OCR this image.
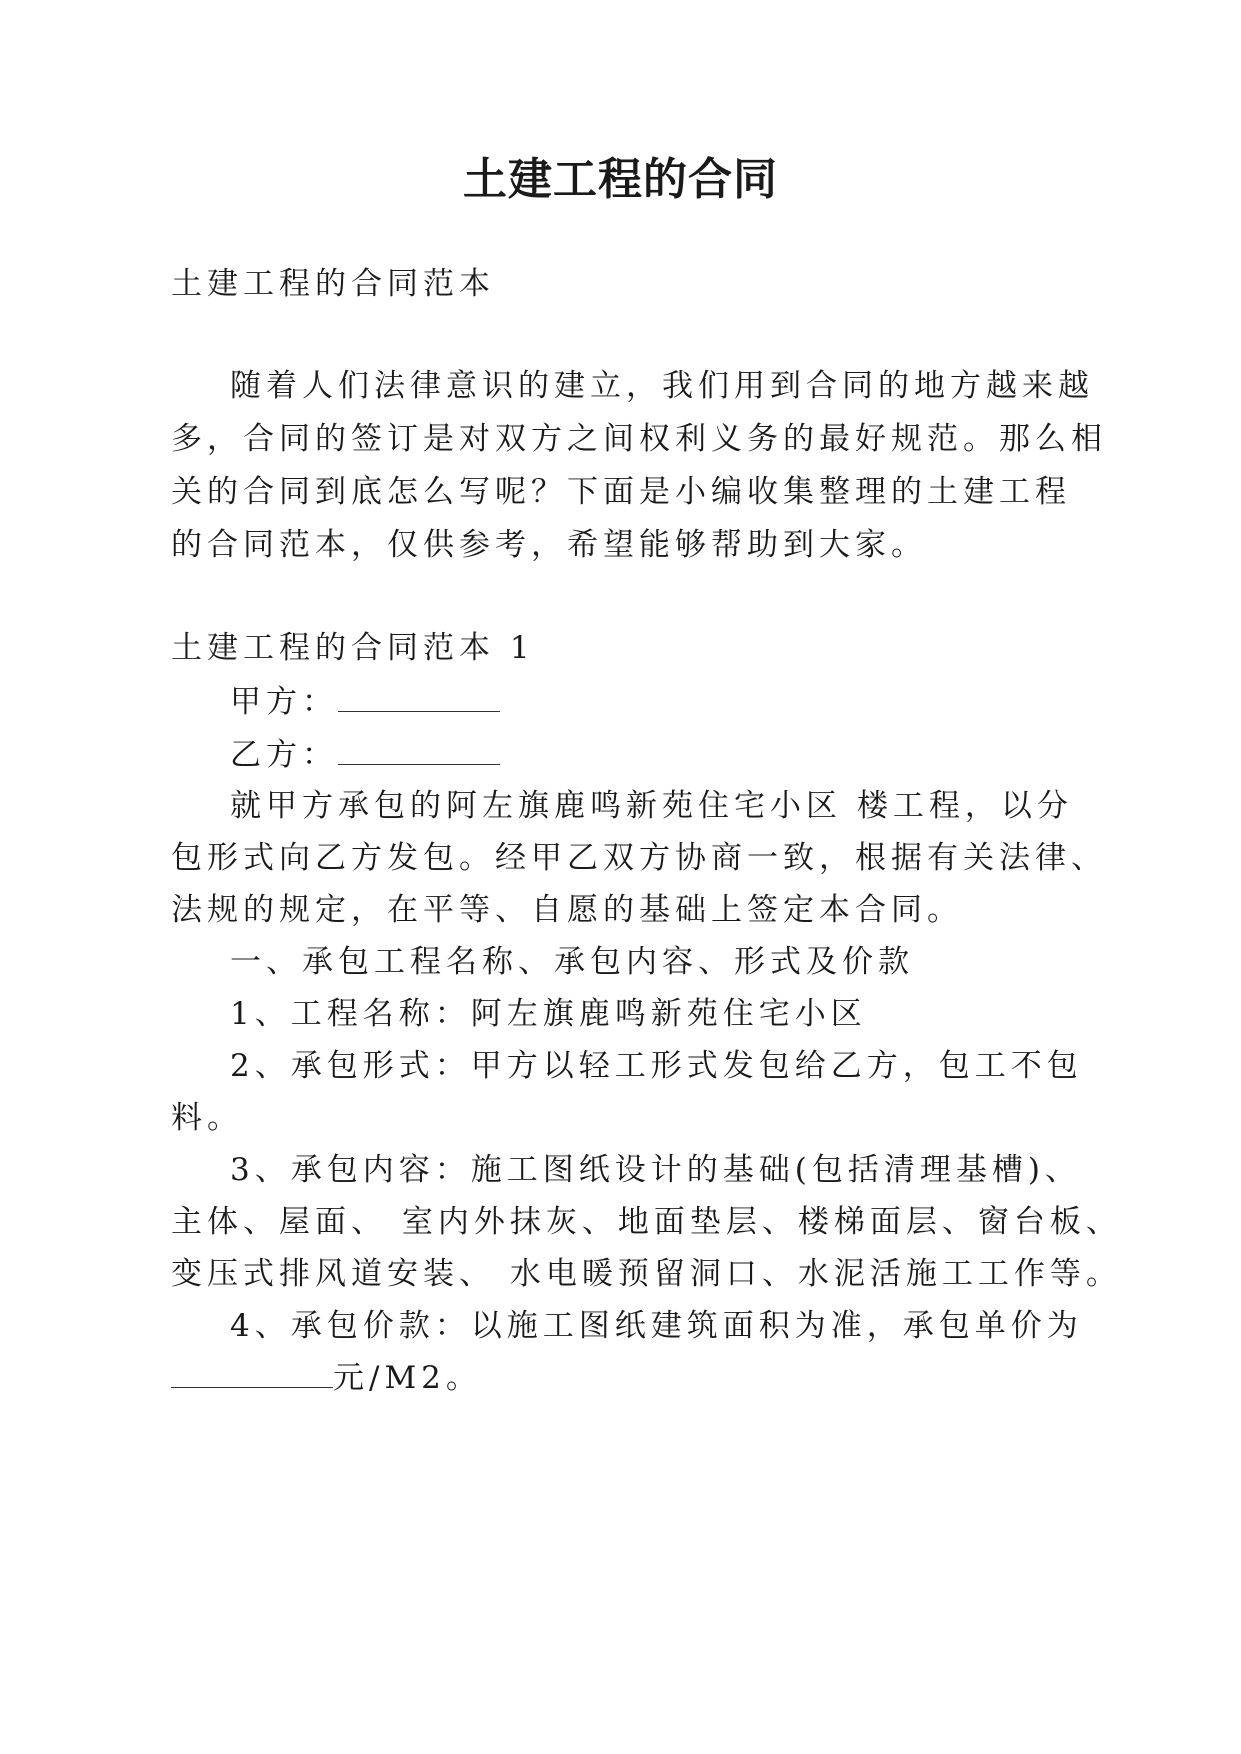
土建工程的合同
土建工程的合同范本
随着人们法律意识的建立，我们用到合同的地方越来越
多，合同的签订是对双方之间权利义务的最好规范。那么相
关的合同到底怎么写呢？下面是小编收集整理的土建工程
的合同范本，仅供参考，希望能够帮助到大家。
土建工程的合同范本 1
甲方：
乙方：
就甲方承包的阿左旗鹿鸣新苑住宅小区 楼工程，以分
包形式向乙方发包。经甲乙双方协商一致，根据有关法律、
法规的规定，在平等、自愿的基础上签定本合同。
一、承包工程名称、承包内容、形式及价款
1、工程名称：阿左旗鹿鸣新苑住宅小区
2、承包形式：甲方以轻工形式发包给乙方，包工不包
料。
3、承包内容：施工图纸设计的基础(包括清理基槽)、
主体、屋面、 室内外抹灰、地面垫层、楼梯面层、窗台板、
变压式排风道安装、 水电暖预留洞口、水泥活施工工作等。
4、承包价款：以施工图纸建筑面积为准，承包单价为
元/M2。
